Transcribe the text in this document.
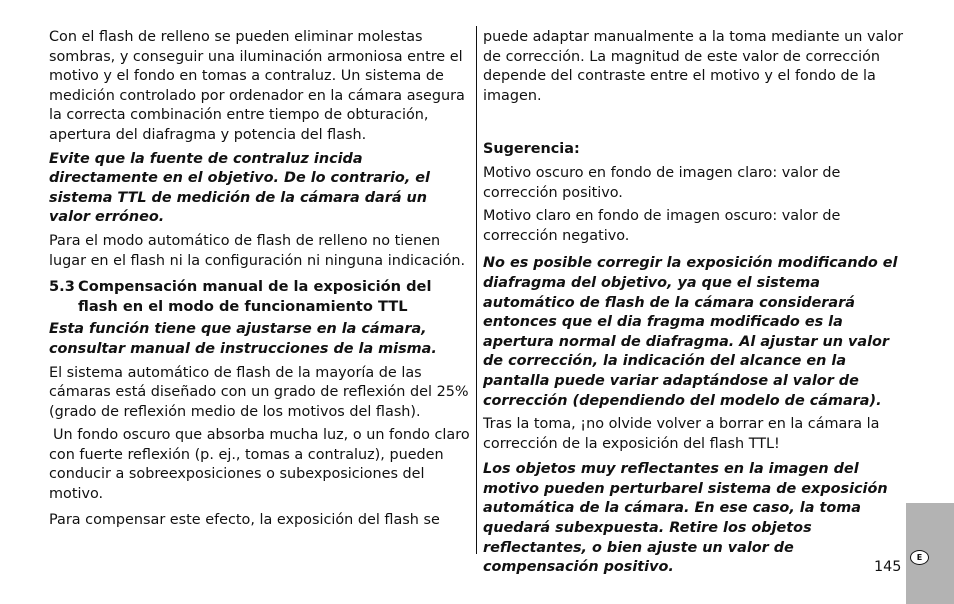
Con el flash de relleno se pueden eliminar molestas sombras, y conseguir una iluminación armoniosa entre el motivo y el fondo en tomas a contraluz. Un sistema de medición controlado por ordenador en la cámara asegura la correcta combinación entre tiempo de obturación, apertura del diafragma y potencia del flash.

Evite que la fuente de contraluz incida directamente en el objetivo. De lo contrario, el sistema TTL de medición de la cámara dará un valor erróneo.

Para el modo automático de flash de relleno no tienen lugar en el flash ni la configuración ni ninguna indicación.

5.3 Compensación manual de la exposición del flash en el modo de funcionamiento TTL

Esta función tiene que ajustarse en la cámara, consultar manual de instrucciones de la misma.

El sistema automático de flash de la mayoría de las cámaras está diseñado con un grado de reflexión del 25% (grado de reflexión medio de los motivos del flash).

Un fondo oscuro que absorba mucha luz, o un fondo claro con fuerte reflexión (p. ej., tomas a contraluz), pueden conducir a sobreexposiciones o subexposiciones del motivo.

Para compensar este efecto, la exposición del flash se

puede adaptar manualmente a la toma mediante un valor de corrección. La magnitud de este valor de corrección depende del contraste entre el motivo y el fondo de la imagen.

Sugerencia:

Motivo oscuro en fondo de imagen claro: valor de corrección positivo.

Motivo claro en fondo de imagen oscuro: valor de corrección negativo.

No es posible corregir la exposición modificando el diafragma del objetivo, ya que el sistema automático de flash de la cámara considerará entonces que el dia fragma modificado es la apertura normal de diafragma. Al ajustar un valor de corrección, la indicación del alcance en la pantalla puede variar adaptándose al valor de corrección (dependiendo del modelo de cámara).

Tras la toma, ¡no olvide volver a borrar en la cámara la corrección de la exposición del flash TTL!

Los objetos muy reflectantes en la imagen del motivo pueden perturbarel sistema de exposición automática de la cámara. En ese caso, la toma quedará subexpuesta. Retire los objetos reflectantes, o bien ajuste un valor de compensación positivo.

E
145
